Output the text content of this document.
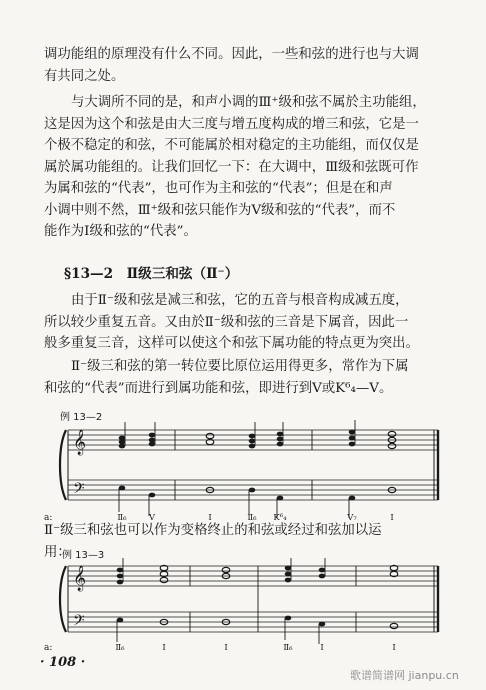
调功能组的原理没有什么不同。因此，一些和弦的进行也与大调
有共同之处。

与大调所不同的是，和声小调的Ⅲ⁺级和弦不属於主功能组，
这是因为这个和弦是由大三度与增五度构成的增三和弦，它是一
个极不稳定的和弦，不可能属於相对稳定的主功能组，而仅仅是
属於属功能组的。让我们回忆一下：在大调中，Ⅲ级和弦既可作
为属和弦的“代表”，也可作为主和弦的“代表”；但是在和声
小调中则不然，Ⅲ⁺级和弦只能作为Ⅴ级和弦的“代表”，而不
能作为Ⅰ级和弦的“代表”。

§13—2　Ⅱ级三和弦（Ⅱ⁻）

由于Ⅱ⁻级和弦是减三和弦，它的五音与根音构成减五度，
所以较少重复五音。又由於Ⅱ⁻级和弦的三音是下属音，因此一
般多重复三音，这样可以使这个和弦下属功能的特点更为突出。

Ⅱ⁻级三和弦的第一转位要比原位运用得更多，常作为下属
和弦的“代表”而进行到属功能和弦，即进行到Ⅴ或K⁶₄—Ⅴ。

例 13—2
𝄞
𝄢
a:	Ⅱ₆	Ⅴ	Ⅰ	Ⅱ₆ K⁶₄	Ⅴ₇	Ⅰ

Ⅱ⁻级三和弦也可以作为变格终止的和弦或经过和弦加以运
用：

例 13—3
𝄞
𝄢
a:	Ⅱ₆	Ⅰ	Ⅰ	Ⅱ₆	Ⅰ	Ⅰ
· 108 ·
歌谱简谱网 jianpu.cn
